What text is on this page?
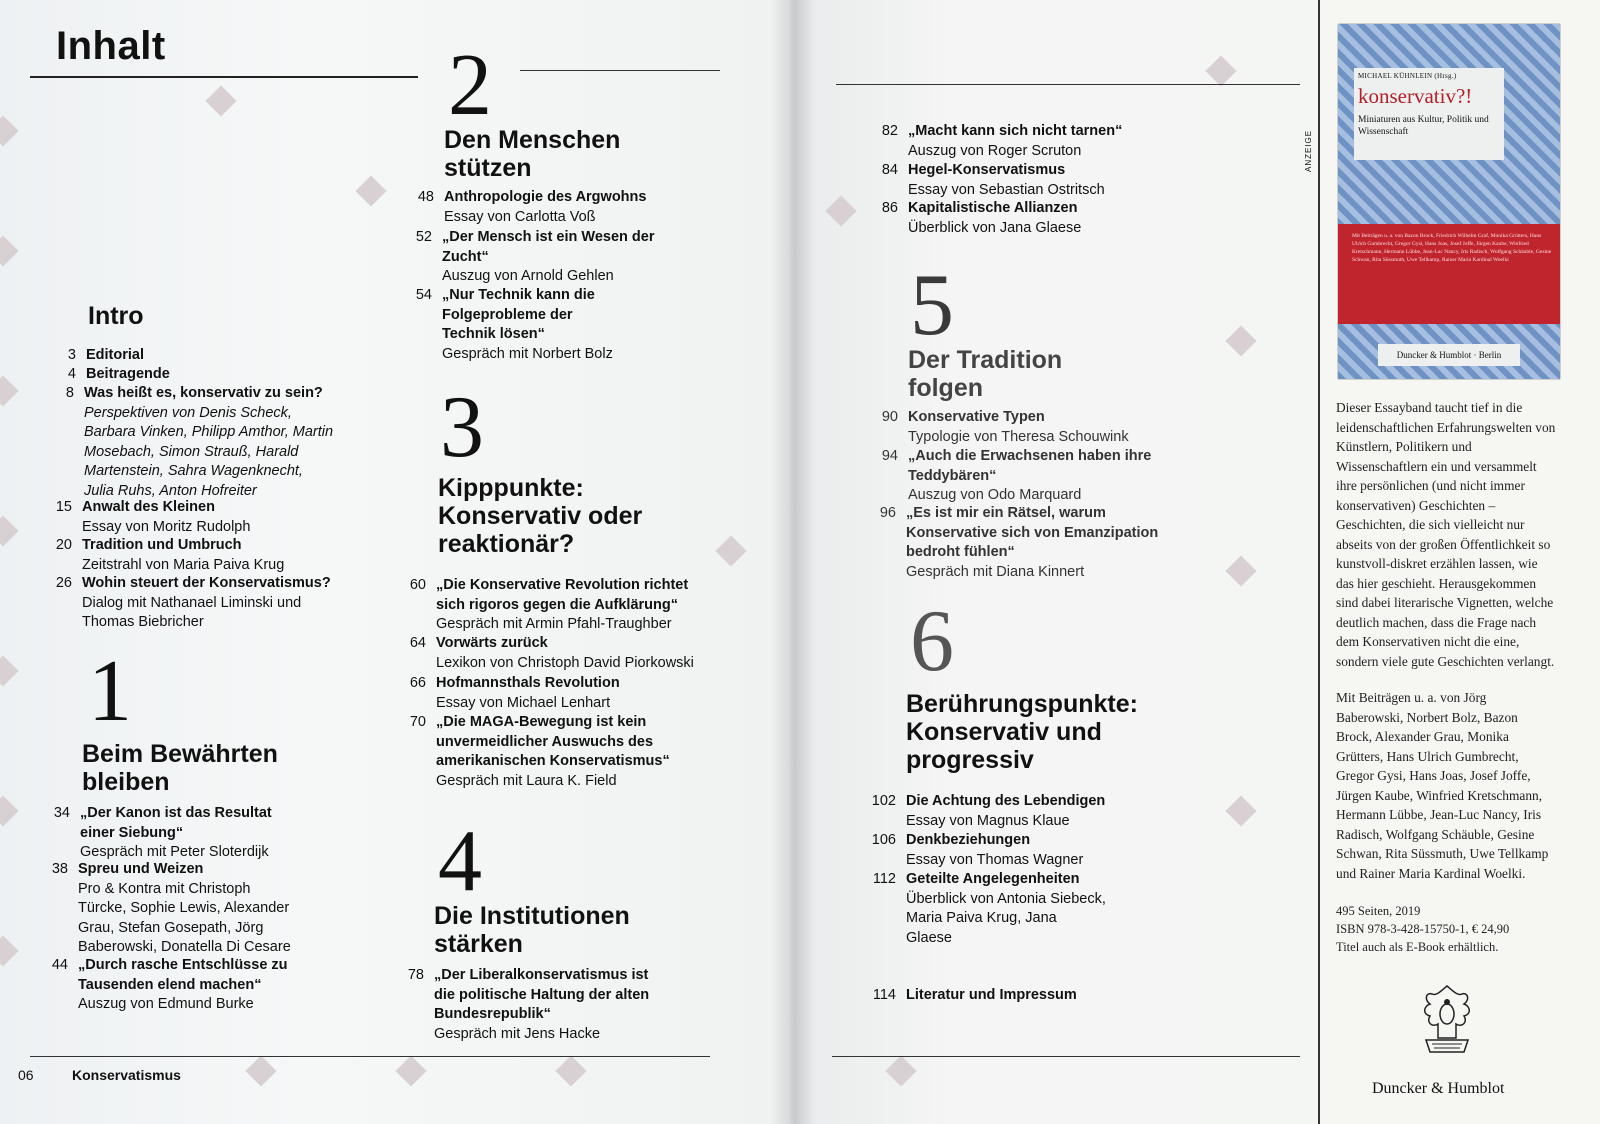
Inhalt
Intro
3 Editorial
4 Beitragende
8 Was heißt es, konservativ zu sein?
Perspektiven von Denis Scheck, Barbara Vinken, Philipp Amthor, Martin Mosebach, Simon Strauß, Harald Martenstein, Sahra Wagenknecht, Julia Ruhs, Anton Hofreiter
15 Anwalt des Kleinen
Essay von Moritz Rudolph
20 Tradition und Umbruch
Zeitstrahl von Maria Paiva Krug
26 Wohin steuert der Konservatismus?
Dialog mit Nathanael Liminski und Thomas Biebricher
1
Beim Bewährten bleiben
34 „Der Kanon ist das Resultat einer Siebung“
Gespräch mit Peter Sloterdijk
38 Spreu und Weizen
Pro & Kontra mit Christoph Türcke, Sophie Lewis, Alexander Grau, Stefan Gosepath, Jörg Baberowski, Donatella Di Cesare
44 „Durch rasche Entschlüsse zu Tausenden elend machen“
Auszug von Edmund Burke
2
Den Menschen stützen
48 Anthropologie des Argwohns
Essay von Carlotta Voß
52 „Der Mensch ist ein Wesen der Zucht“
Auszug von Arnold Gehlen
54 „Nur Technik kann die Folgeprobleme der Technik lösen“
Gespräch mit Norbert Bolz
3
Kipppunkte: Konservativ oder reaktionär?
60 „Die Konservative Revolution richtet sich rigoros gegen die Aufklärung“
Gespräch mit Armin Pfahl-Traughber
64 Vorwärts zurück
Lexikon von Christoph David Piorkowski
66 Hofmannsthals Revolution
Essay von Michael Lenhart
70 „Die MAGA-Bewegung ist kein unvermeidlicher Auswuchs des amerikanischen Konservatismus“
Gespräch mit Laura K. Field
4
Die Institutionen stärken
78 „Der Liberalkonservatismus ist die politische Haltung der alten Bundesrepublik“
Gespräch mit Jens Hacke
06	Konservatismus
82 „Macht kann sich nicht tarnen“
Auszug von Roger Scruton
84 Hegel-Konservatismus
Essay von Sebastian Ostritsch
86 Kapitalistische Allianzen
Überblick von Jana Glaese
5
Der Tradition folgen
90 Konservative Typen
Typologie von Theresa Schouwink
94 „Auch die Erwachsenen haben ihre Teddybären“
Auszug von Odo Marquard
96 „Es ist mir ein Rätsel, warum Konservative sich von Emanzipation bedroht fühlen“
Gespräch mit Diana Kinnert
6
Berührungspunkte: Konservativ und progressiv
102 Die Achtung des Lebendigen
Essay von Magnus Klaue
106 Denkbeziehungen
Essay von Thomas Wagner
112 Geteilte Angelegenheiten
Überblick von Antonia Siebeck, Maria Paiva Krug, Jana Glaese
114 Literatur und Impressum
ANZEIGE
MICHAEL KÜHNLEIN (Hrsg.)
konservativ?!
Miniaturen aus Kultur, Politik und Wissenschaft
Mit Beiträgen u. a. von Bazon Brock, Friedrich Wilhelm Graf, Monika Grütters, Hans Ulrich Gumbrecht, Gregor Gysi, Hans Joas, Josef Joffe, Jürgen Kaube, Winfried Kretschmann, Hermann Lübbe, Jean-Luc Nancy, Iris Radisch, Wolfgang Schäuble, Gesine Schwan, Rita Süssmuth, Uwe Tellkamp, Rainer Maria Kardinal Woelki
Duncker & Humblot · Berlin
Dieser Essayband taucht tief in die leidenschaftlichen Erfahrungswelten von Künstlern, Politikern und Wissenschaftlern ein und versammelt ihre persönlichen (und nicht immer konservativen) Geschichten – Geschichten, die sich vielleicht nur abseits von der großen Öffentlichkeit so kunstvoll-diskret erzählen lassen, wie das hier geschieht. Herausgekommen sind dabei literarische Vignetten, welche deutlich machen, dass die Frage nach dem Konservativen nicht die eine, sondern viele gute Geschichten verlangt.
Mit Beiträgen u. a. von Jörg Baberowski, Norbert Bolz, Bazon Brock, Alexander Grau, Monika Grütters, Hans Ulrich Gumbrecht, Gregor Gysi, Hans Joas, Josef Joffe, Jürgen Kaube, Winfried Kretschmann, Hermann Lübbe, Jean-Luc Nancy, Iris Radisch, Wolfgang Schäuble, Gesine Schwan, Rita Süssmuth, Uwe Tellkamp und Rainer Maria Kardinal Woelki.
495 Seiten, 2019
ISBN 978-3-428-15750-1, € 24,90
Titel auch als E-Book erhältlich.
Duncker & Humblot
